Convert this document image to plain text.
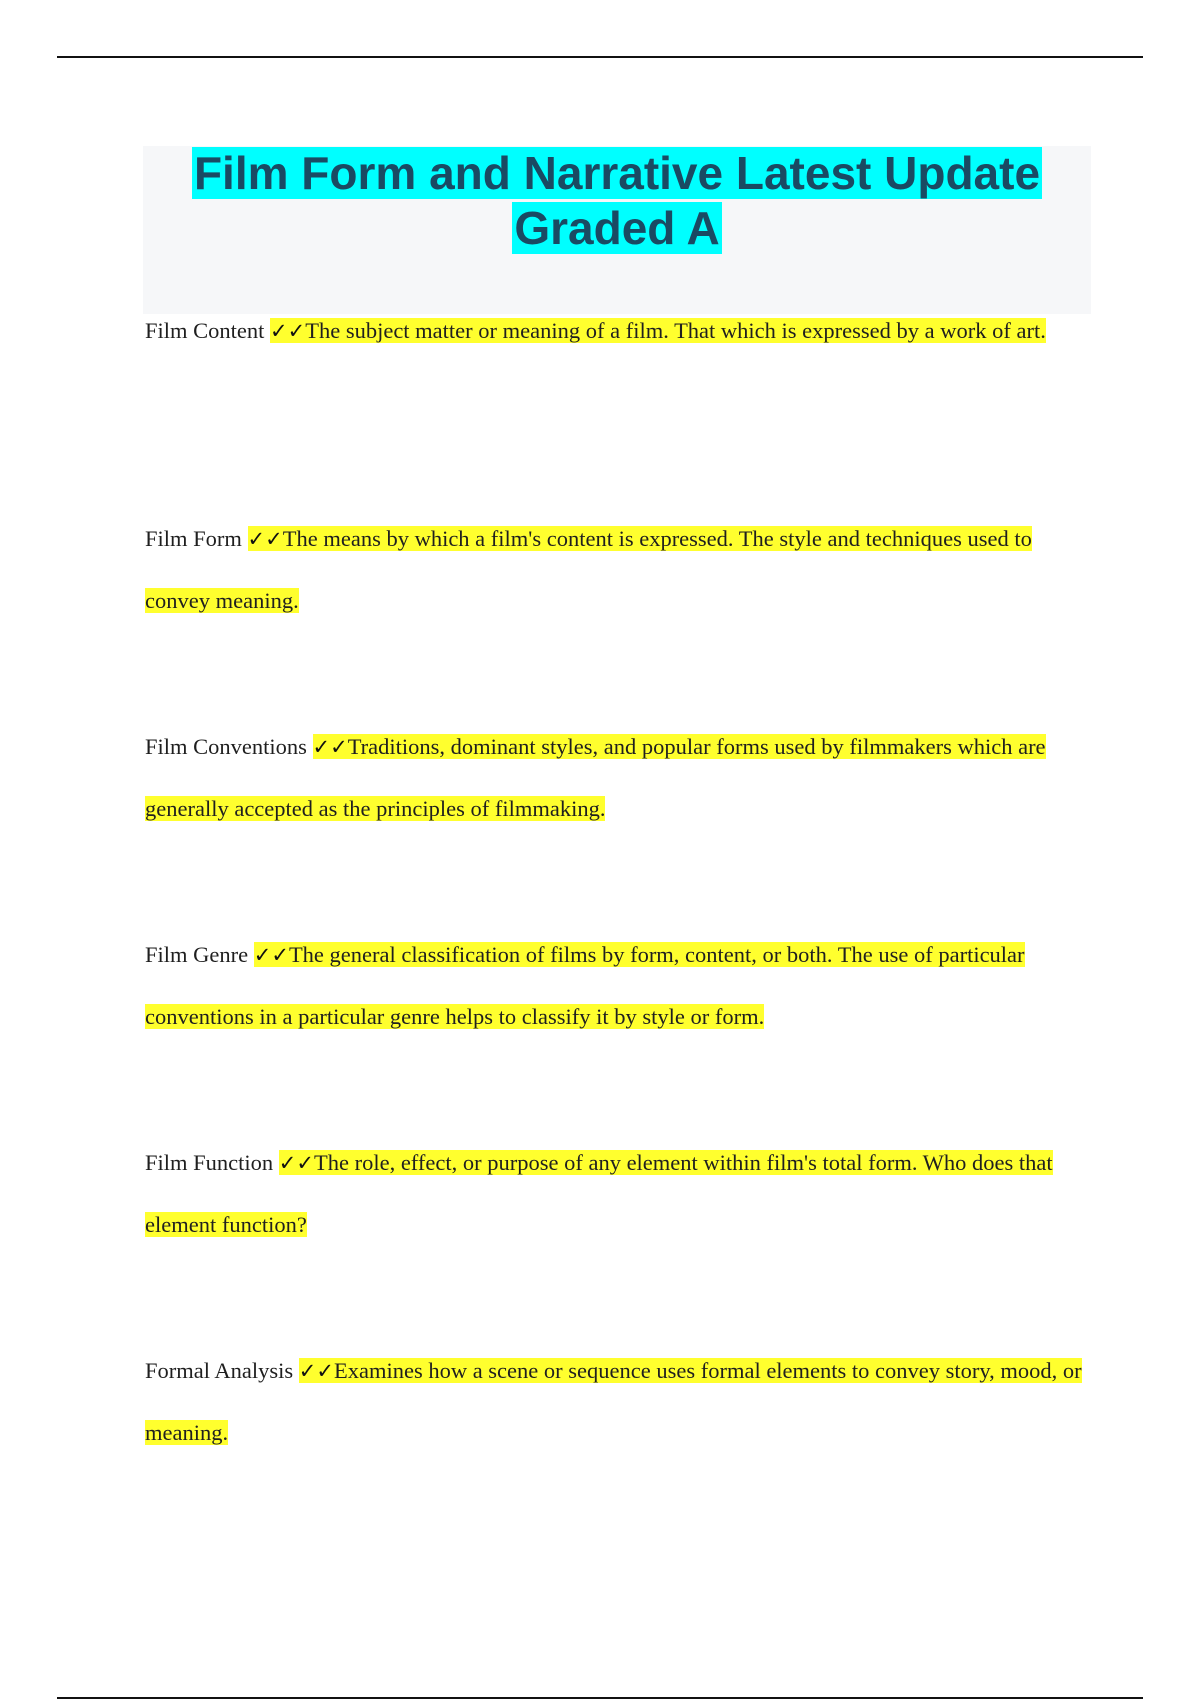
Film Form and Narrative Latest Update Graded A

Film Content ✓✓The subject matter or meaning of a film. That which is expressed by a work of art.

Film Form ✓✓The means by which a film's content is expressed. The style and techniques used to convey meaning.

Film Conventions ✓✓Traditions, dominant styles, and popular forms used by filmmakers which are generally accepted as the principles of filmmaking.

Film Genre ✓✓The general classification of films by form, content, or both. The use of particular conventions in a particular genre helps to classify it by style or form.

Film Function ✓✓The role, effect, or purpose of any element within film's total form. Who does that element function?

Formal Analysis ✓✓Examines how a scene or sequence uses formal elements to convey story, mood, or meaning.
